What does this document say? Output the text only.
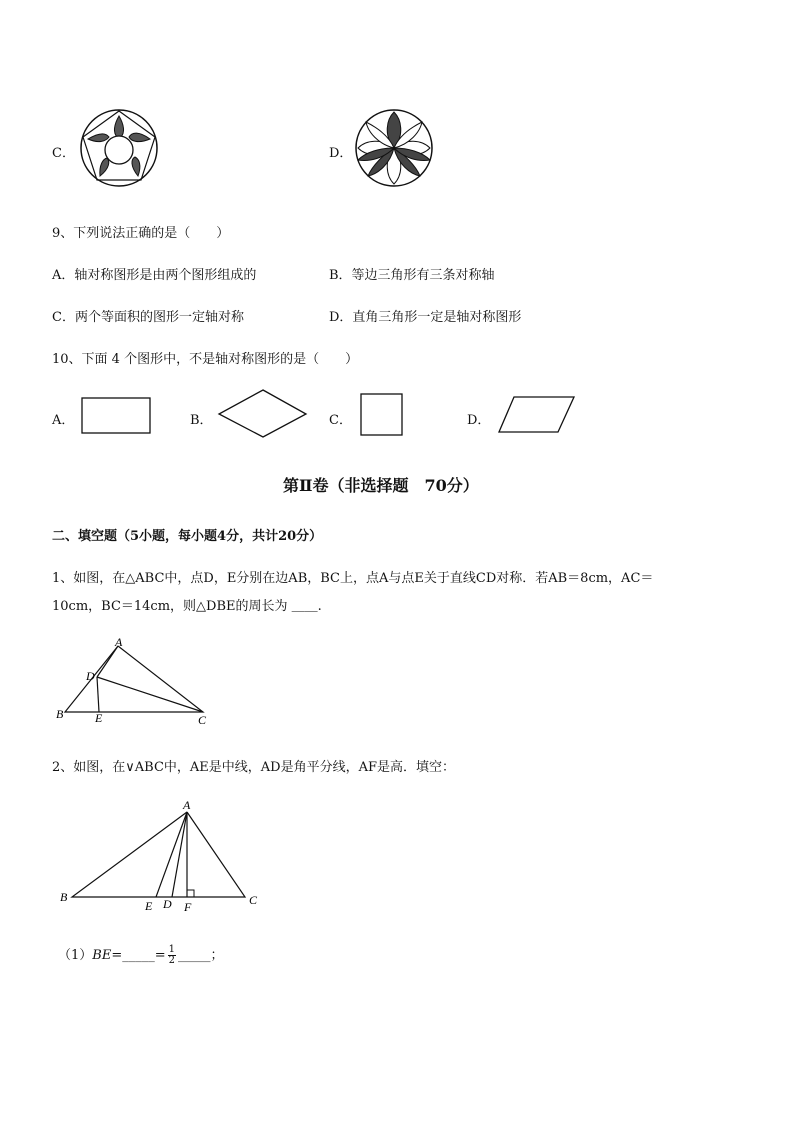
C．	D．
9、下列说法正确的是（　　）
A．轴对称图形是由两个图形组成的	B．等边三角形有三条对称轴
C．两个等面积的图形一定轴对称	D．直角三角形一定是轴对称图形
10、下面 4 个图形中，不是轴对称图形的是（　　）
A．	B．	C．	D．
第Ⅱ卷（非选择题　70分）
二、填空题（5小题，每小题4分，共计20分）
1、如图，在△ABC中，点D，E分别在边AB，BC上，点A与点E关于直线CD对称．若AB＝8cm，AC＝
10cm，BC＝14cm，则△DBE的周长为 ＿＿.
A
D
B	E	C
2、如图，在∨ABC中，AE是中线，AD是角平分线，AF是高．填空：
A
B
E D F	C
（1）BE=_____= $\frac{1}{2}$ _____；
